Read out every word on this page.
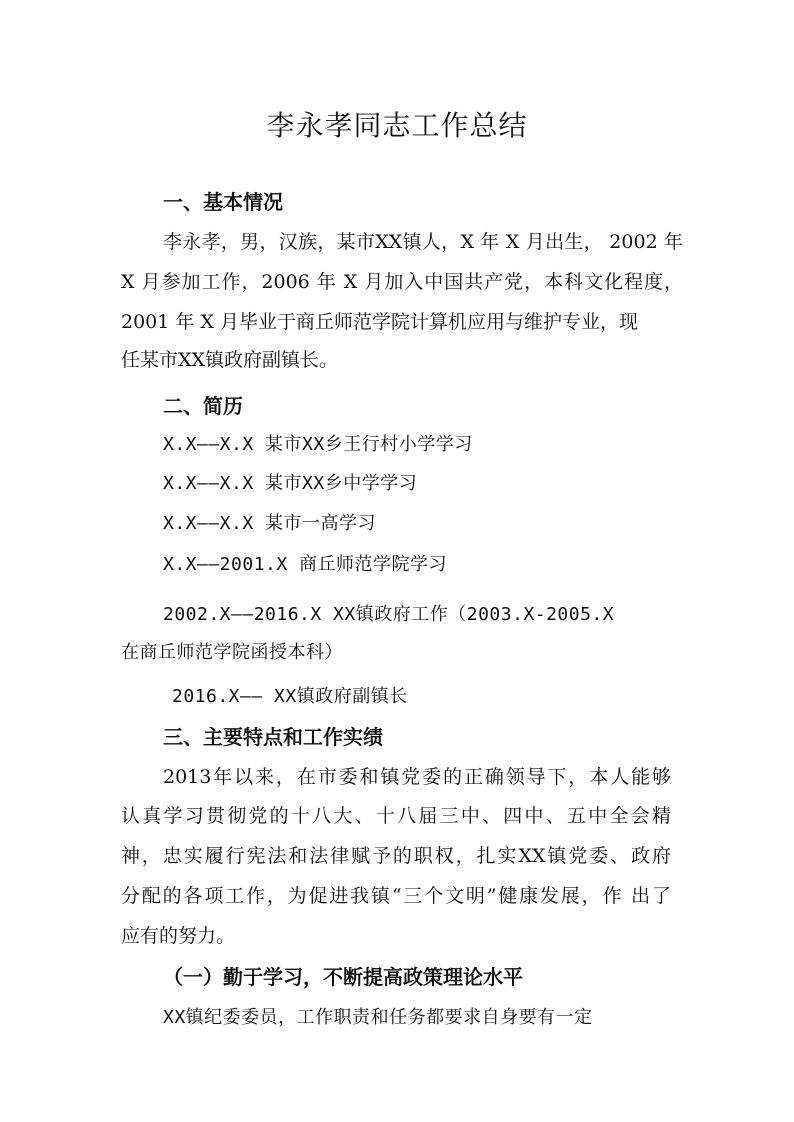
李永孝同志工作总结
一、基本情况
李永孝，男，汉族，某市XX镇人，X 年 X 月出生， 2002 年
X 月参加工作，2006 年 X 月加入中国共产党，本科文化程度，
2001 年 X 月毕业于商丘师范学院计算机应用与维护专业，现
任某市XX镇政府副镇长。
二、简历
X.X——X.X 某市XX乡王行村小学学习
X.X——X.X 某市XX乡中学学习
X.X——X.X 某市一高学习
X.X——2001.X 商丘师范学院学习
2002.X——2016.X XX镇政府工作（2003.X-2005.X
在商丘师范学院函授本科）
2016.X—— XX镇政府副镇长
三、主要特点和工作实绩
2013年以来，在市委和镇党委的正确领导下，本人能够
认真学习贯彻党的十八大、十八届三中、四中、五中全会精
神，忠实履行宪法和法律赋予的职权，扎实XX镇党委、政府
分配的各项工作，为促进我镇“三个文明”健康发展，作 出了
应有的努力。
（一）勤于学习，不断提高政策理论水平
XX镇纪委委员，工作职责和任务都要求自身要有一定
